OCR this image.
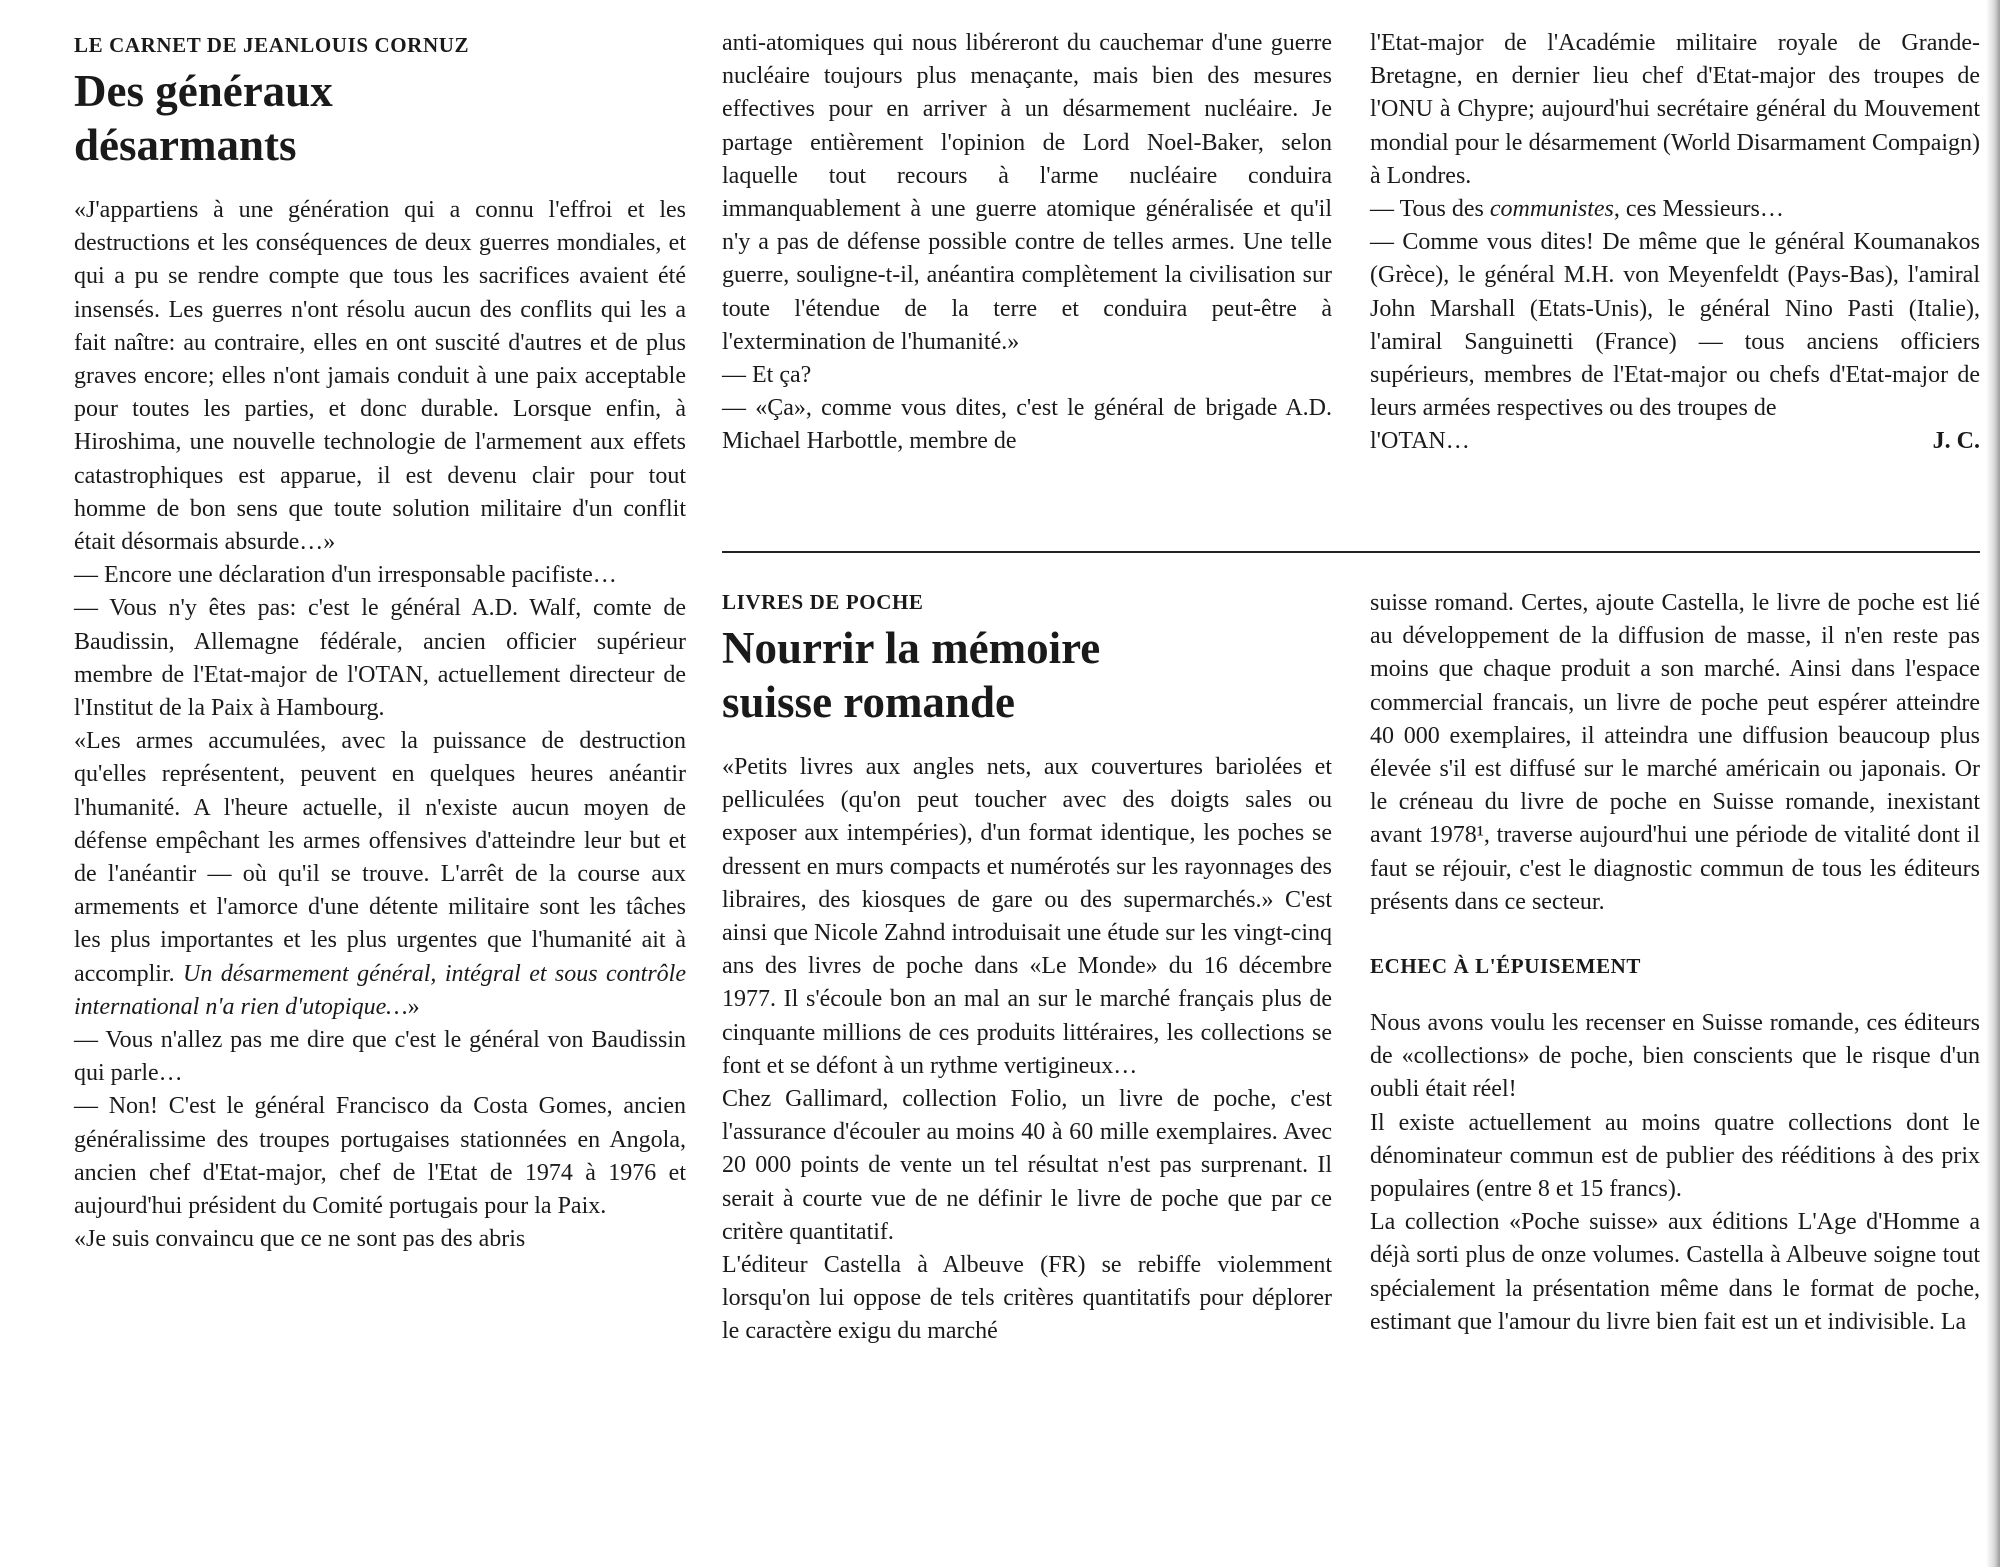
LE CARNET DE JEANLOUIS CORNUZ

Des généraux
désarmants

«J'appartiens à une génération qui a connu l'effroi et les destructions et les conséquences de deux guerres mondiales, et qui a pu se rendre compte que tous les sacrifices avaient été insensés. Les guerres n'ont résolu aucun des conflits qui les a fait naître: au contraire, elles en ont suscité d'autres et de plus graves encore; elles n'ont jamais conduit à une paix acceptable pour toutes les parties, et donc durable. Lorsque enfin, à Hiroshima, une nouvelle technologie de l'armement aux effets catastrophiques est apparue, il est devenu clair pour tout homme de bon sens que toute solution militaire d'un conflit était désormais absurde…»

— Encore une déclaration d'un irresponsable pacifiste…

— Vous n'y êtes pas: c'est le général A.D. Walf, comte de Baudissin, Allemagne fédérale, ancien officier supérieur membre de l'Etat-major de l'OTAN, actuellement directeur de l'Institut de la Paix à Hambourg.

«Les armes accumulées, avec la puissance de destruction qu'elles représentent, peuvent en quelques heures anéantir l'humanité. A l'heure actuelle, il n'existe aucun moyen de défense empêchant les armes offensives d'atteindre leur but et de l'anéantir — où qu'il se trouve. L'arrêt de la course aux armements et l'amorce d'une détente militaire sont les tâches les plus importantes et les plus urgentes que l'humanité ait à accomplir. Un désarmement général, intégral et sous contrôle international n'a rien d'utopique…»

— Vous n'allez pas me dire que c'est le général von Baudissin qui parle…

— Non! C'est le général Francisco da Costa Gomes, ancien généralissime des troupes portugaises stationnées en Angola, ancien chef d'Etat-major, chef de l'Etat de 1974 à 1976 et aujourd'hui président du Comité portugais pour la Paix.

«Je suis convaincu que ce ne sont pas des abris

anti-atomiques qui nous libéreront du cauchemar d'une guerre nucléaire toujours plus menaçante, mais bien des mesures effectives pour en arriver à un désarmement nucléaire. Je partage entièrement l'opinion de Lord Noel-Baker, selon laquelle tout recours à l'arme nucléaire conduira immanquablement à une guerre atomique généralisée et qu'il n'y a pas de défense possible contre de telles armes. Une telle guerre, souligne-t-il, anéantira complètement la civilisation sur toute l'étendue de la terre et conduira peut-être à l'extermination de l'humanité.»

— Et ça?

— «Ça», comme vous dites, c'est le général de brigade A.D. Michael Harbottle, membre de

l'Etat-major de l'Académie militaire royale de Grande-Bretagne, en dernier lieu chef d'Etat-major des troupes de l'ONU à Chypre; aujourd'hui secrétaire général du Mouvement mondial pour le désarmement (World Disarmament Compaign) à Londres.

— Tous des communistes, ces Messieurs…

— Comme vous dites! De même que le général Koumanakos (Grèce), le général M.H. von Meyenfeldt (Pays-Bas), l'amiral John Marshall (Etats-Unis), le général Nino Pasti (Italie), l'amiral Sanguinetti (France) — tous anciens officiers supérieurs, membres de l'Etat-major ou chefs d'Etat-major de leurs armées respectives ou des troupes de

l'OTAN…	J. C.

LIVRES DE POCHE

Nourrir la mémoire
suisse romande

«Petits livres aux angles nets, aux couvertures bariolées et pelliculées (qu'on peut toucher avec des doigts sales ou exposer aux intempéries), d'un format identique, les poches se dressent en murs compacts et numérotés sur les rayonnages des libraires, des kiosques de gare ou des supermarchés.» C'est ainsi que Nicole Zahnd introduisait une étude sur les vingt-cinq ans des livres de poche dans «Le Monde» du 16 décembre 1977. Il s'écoule bon an mal an sur le marché français plus de cinquante millions de ces produits littéraires, les collections se font et se défont à un rythme vertigineux…

Chez Gallimard, collection Folio, un livre de poche, c'est l'assurance d'écouler au moins 40 à 60 mille exemplaires. Avec 20 000 points de vente un tel résultat n'est pas surprenant. Il serait à courte vue de ne définir le livre de poche que par ce critère quantitatif.

L'éditeur Castella à Albeuve (FR) se rebiffe violemment lorsqu'on lui oppose de tels critères quantitatifs pour déplorer le caractère exigu du marché

suisse romand. Certes, ajoute Castella, le livre de poche est lié au développement de la diffusion de masse, il n'en reste pas moins que chaque produit a son marché. Ainsi dans l'espace commercial francais, un livre de poche peut espérer atteindre 40 000 exemplaires, il atteindra une diffusion beaucoup plus élevée s'il est diffusé sur le marché américain ou japonais. Or le créneau du livre de poche en Suisse romande, inexistant avant 1978¹, traverse aujourd'hui une période de vitalité dont il faut se réjouir, c'est le diagnostic commun de tous les éditeurs présents dans ce secteur.

ECHEC À L'ÉPUISEMENT

Nous avons voulu les recenser en Suisse romande, ces éditeurs de «collections» de poche, bien conscients que le risque d'un oubli était réel!

Il existe actuellement au moins quatre collections dont le dénominateur commun est de publier des rééditions à des prix populaires (entre 8 et 15 francs).

La collection «Poche suisse» aux éditions L'Age d'Homme a déjà sorti plus de onze volumes. Castella à Albeuve soigne tout spécialement la présentation même dans le format de poche, estimant que l'amour du livre bien fait est un et indivisible. La
